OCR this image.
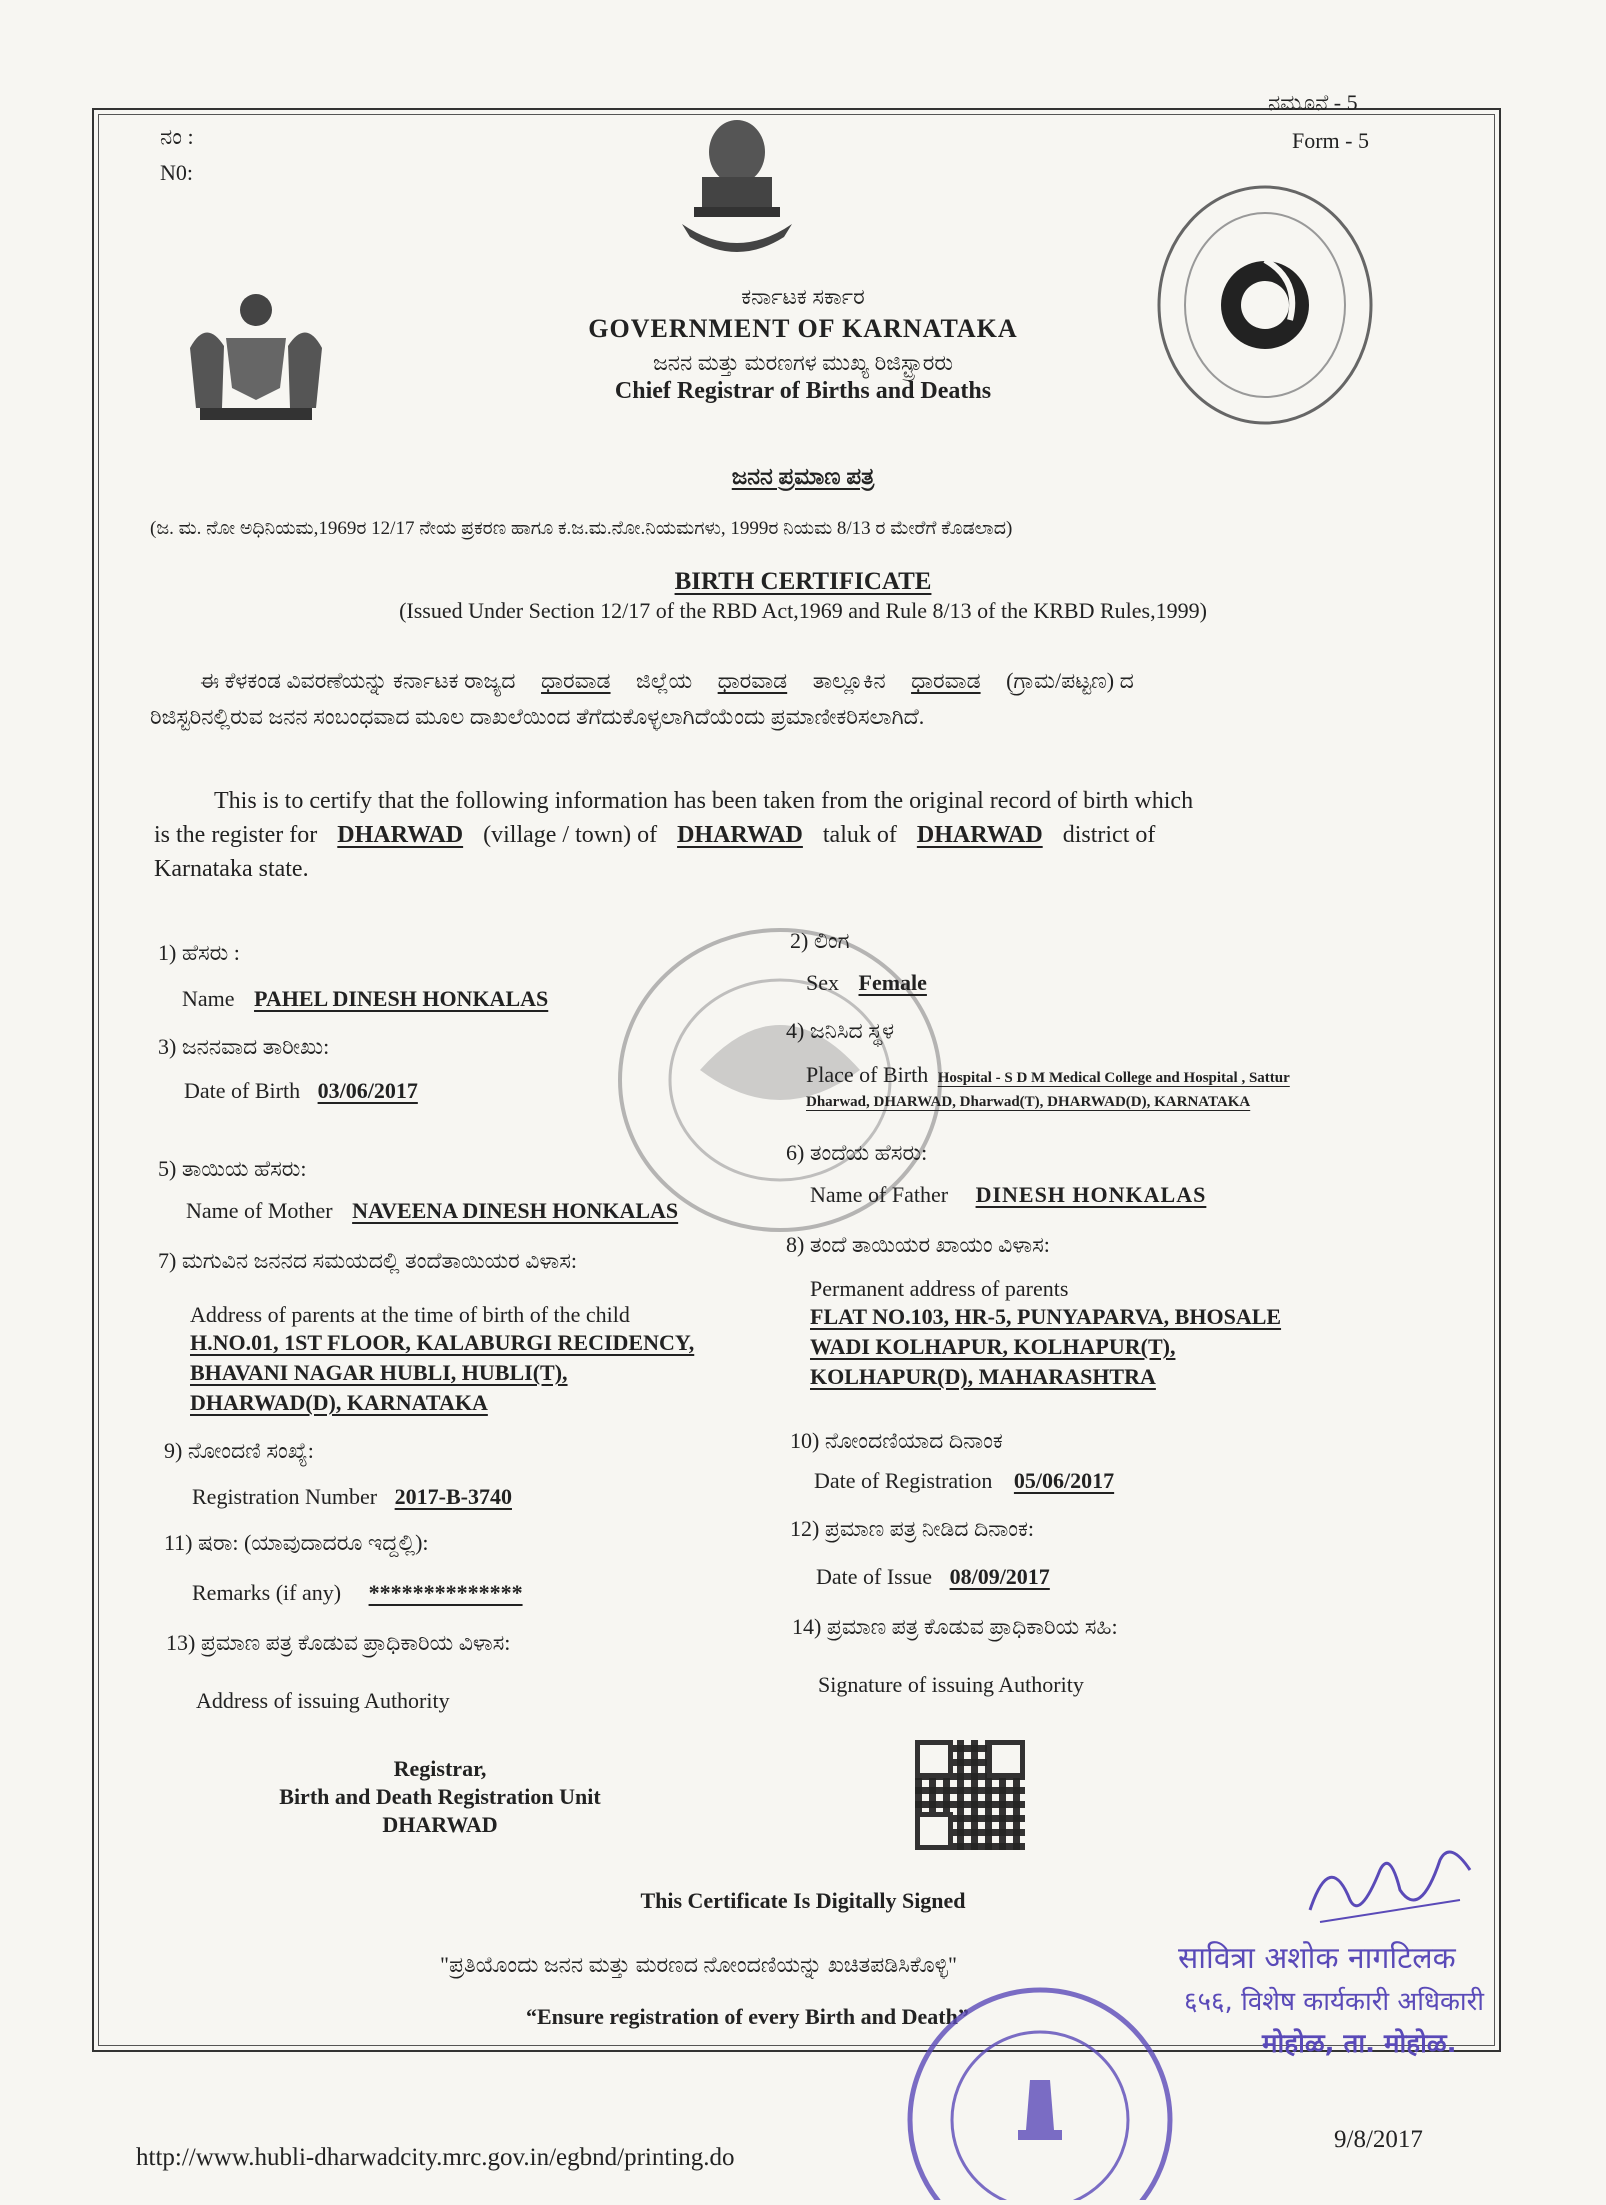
ನಂ :
N0:
ನಮೂನೆ - 5
Form - 5
ಕರ್ನಾಟಕ ಸರ್ಕಾರ
GOVERNMENT OF KARNATAKA
ಜನನ ಮತ್ತು ಮರಣಗಳ ಮುಖ್ಯ ರಿಜಿಸ್ಟ್ರಾರರು
Chief Registrar of Births and Deaths
ಜನನ ಪ್ರಮಾಣ ಪತ್ರ
(ಜ. ಮ. ನೋ ಅಧಿನಿಯಮ,1969ರ 12/17 ನೇಯ ಪ್ರಕರಣ ಹಾಗೂ ಕ.ಜ.ಮ.ನೋ.ನಿಯಮಗಳು, 1999ರ ನಿಯಮ 8/13 ರ ಮೇರೆಗೆ ಕೊಡಲಾದ)
BIRTH CERTIFICATE
(Issued Under Section 12/17 of the RBD Act,1969 and Rule 8/13 of the KRBD Rules,1999)
ಈ ಕೆಳಕಂಡ ವಿವರಣೆಯನ್ನು ಕರ್ನಾಟಕ ರಾಜ್ಯದ ಧಾರವಾಡ ಜಿಲ್ಲೆಯ ಧಾರವಾಡ ತಾಲ್ಲೂಕಿನ ಧಾರವಾಡ (ಗ್ರಾಮ/ಪಟ್ಟಣ) ದ
ರಿಜಿಸ್ಟರಿನಲ್ಲಿರುವ ಜನನ ಸಂಬಂಧವಾದ ಮೂಲ ದಾಖಲೆಯಿಂದ ತೆಗೆದುಕೊಳ್ಳಲಾಗಿದೆಯೆಂದು ಪ್ರಮಾಣೀಕರಿಸಲಾಗಿದೆ.
This is to certify that the following information has been taken from the original record of birth which
is the register for DHARWAD (village / town) of DHARWAD taluk of DHARWAD district of
Karnataka state.
1) ಹೆಸರು :
Name PAHEL DINESH HONKALAS
3) ಜನನವಾದ ತಾರೀಖು:
Date of Birth 03/06/2017
5) ತಾಯಿಯ ಹೆಸರು:
Name of Mother NAVEENA DINESH HONKALAS
7) ಮಗುವಿನ ಜನನದ ಸಮಯದಲ್ಲಿ ತಂದೆತಾಯಿಯರ ವಿಳಾಸ:
Address of parents at the time of birth of the child
H.NO.01, 1ST FLOOR, KALABURGI RECIDENCY,
BHAVANI NAGAR HUBLI, HUBLI(T),
DHARWAD(D), KARNATAKA
9) ನೋಂದಣಿ ಸಂಖ್ಯೆ:
Registration Number 2017-B-3740
11) ಷರಾ: (ಯಾವುದಾದರೂ ಇದ್ದಲ್ಲಿ):
Remarks (if any) **************
13) ಪ್ರಮಾಣ ಪತ್ರ ಕೊಡುವ ಪ್ರಾಧಿಕಾರಿಯ ವಿಳಾಸ:
Address of issuing Authority
Registrar,
Birth and Death Registration Unit
DHARWAD
2) ಲಿಂಗ
Sex Female
4) ಜನಿಸಿದ ಸ್ಥಳ
Place of Birth Hospital - S D M Medical College and Hospital , Sattur
Dharwad, DHARWAD, Dharwad(T), DHARWAD(D), KARNATAKA
6) ತಂದೆಯ ಹೆಸರು:
Name of Father DINESH HONKALAS
8) ತಂದೆ ತಾಯಿಯರ ಖಾಯಂ ವಿಳಾಸ:
Permanent address of parents
FLAT NO.103, HR-5, PUNYAPARVA, BHOSALE
WADI KOLHAPUR, KOLHAPUR(T),
KOLHAPUR(D), MAHARASHTRA
10) ನೋಂದಣಿಯಾದ ದಿನಾಂಕ
Date of Registration 05/06/2017
12) ಪ್ರಮಾಣ ಪತ್ರ ನೀಡಿದ ದಿನಾಂಕ:
Date of Issue 08/09/2017
14) ಪ್ರಮಾಣ ಪತ್ರ ಕೊಡುವ ಪ್ರಾಧಿಕಾರಿಯ ಸಹಿ:
Signature of issuing Authority
This Certificate Is Digitally Signed
"ಪ್ರತಿಯೊಂದು ಜನನ ಮತ್ತು ಮರಣದ ನೋಂದಣಿಯನ್ನು ಖಚಿತಪಡಿಸಿಕೊಳ್ಳಿ"
“Ensure registration of every Birth and Death”
सावित्रा अशोक नागटिलक
६५६, विशेष कार्यकारी अधिकारी
मोहोळ, ता. मोहोळ.
http://www.hubli-dharwadcity.mrc.gov.in/egbnd/printing.do
9/8/2017
